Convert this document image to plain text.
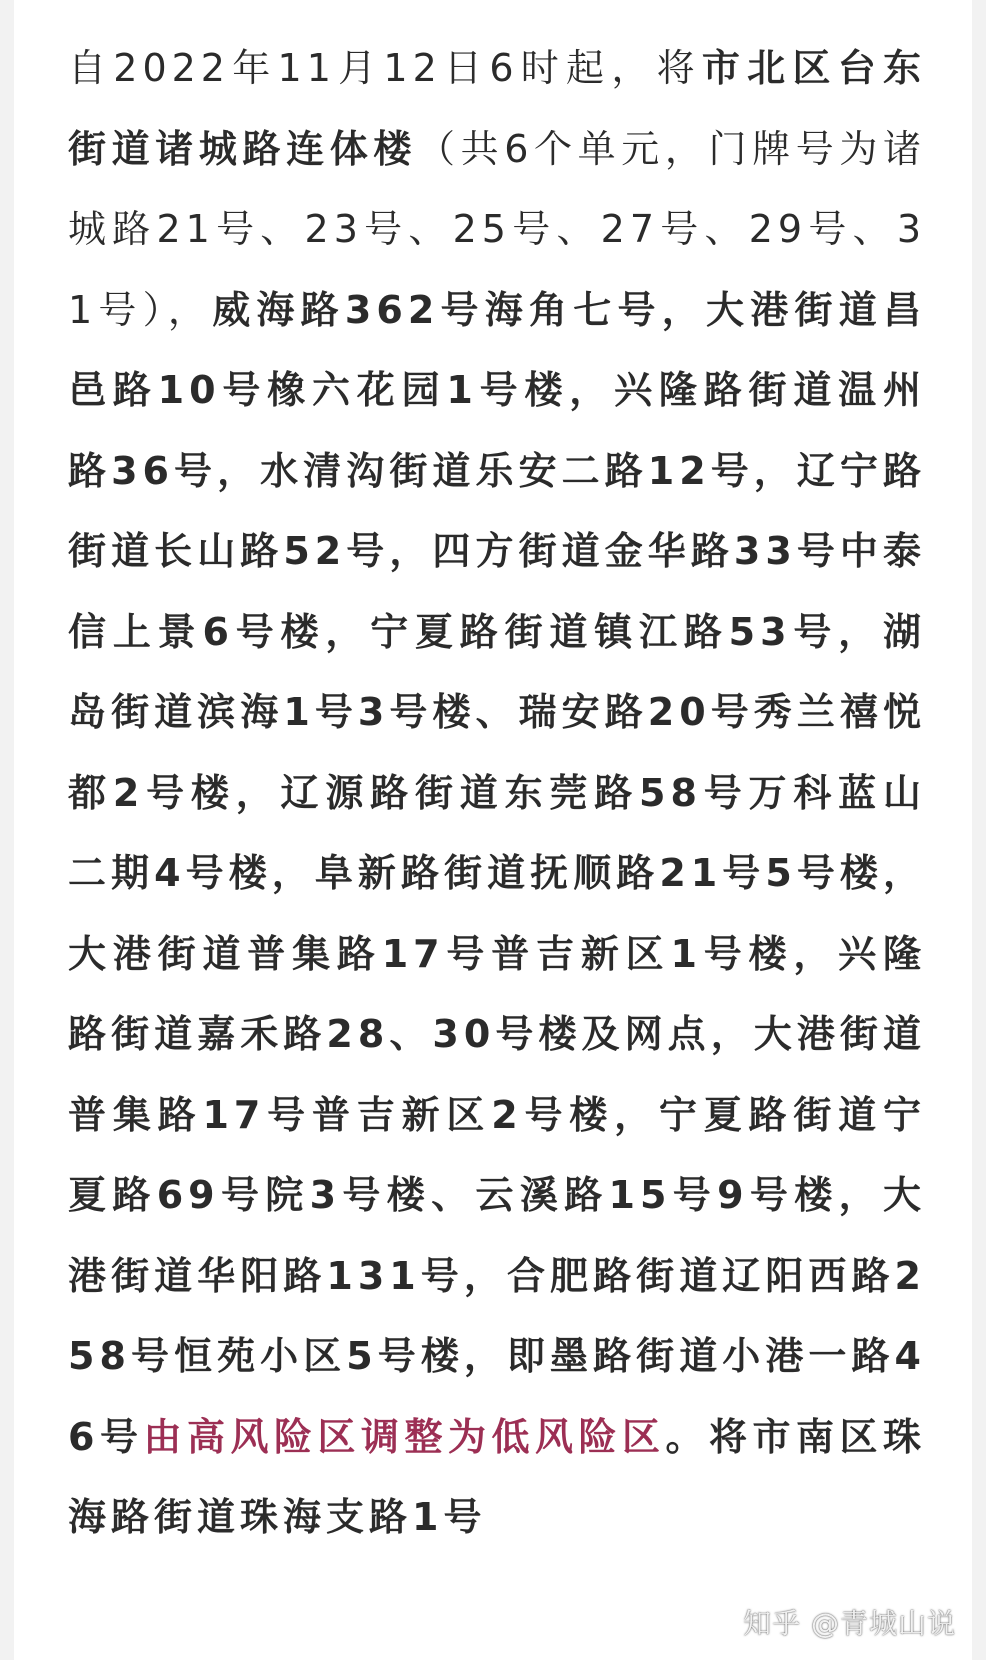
自2022年11月12日6时起，将市北区台东街道诸城路连体楼（共6个单元，门牌号为诸城路21号、23号、25号、27号、29号、31号），威海路362号海角七号，大港街道昌邑路10号橡六花园1号楼，兴隆路街道温州路36号，水清沟街道乐安二路12号，辽宁路街道长山路52号，四方街道金华路33号中泰信上景6号楼，宁夏路街道镇江路53号，湖岛街道滨海1号3号楼、瑞安路20号秀兰禧悦都2号楼，辽源路街道东莞路58号万科蓝山二期4号楼，阜新路街道抚顺路21号5号楼，大港街道普集路17号普吉新区1号楼，兴隆路街道嘉禾路28、30号楼及网点，大港街道普集路17号普吉新区2号楼，宁夏路街道宁夏路69号院3号楼、云溪路15号9号楼，大港街道华阳路131号，合肥路街道辽阳西路258号恒苑小区5号楼，即墨路街道小港一路46号由高风险区调整为低风险区。将市南区珠海路街道珠海支路1号

知乎 @青城山说
